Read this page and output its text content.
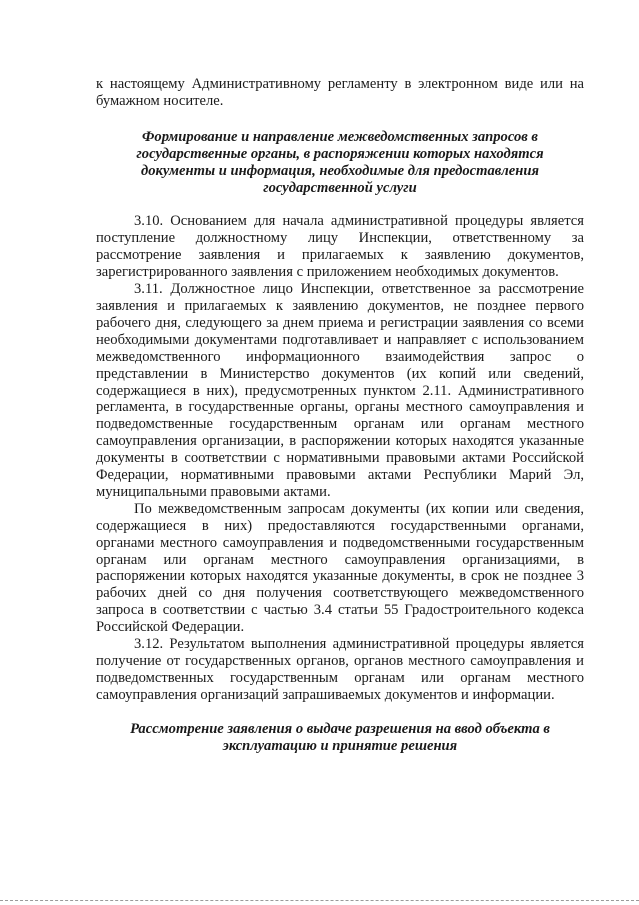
к настоящему Административному регламенту в электронном виде или на бумажном носителе.

Формирование и направление межведомственных запросов в государственные органы, в распоряжении которых находятся документы и информация, необходимые для предоставления государственной услуги

3.10. Основанием для начала административной процедуры является поступление должностному лицу Инспекции, ответственному за рассмотрение заявления и прилагаемых к заявлению документов, зарегистрированного заявления с приложением необходимых документов.

3.11. Должностное лицо Инспекции, ответственное за рассмотрение заявления и прилагаемых к заявлению документов, не позднее первого рабочего дня, следующего за днем приема и регистрации заявления со всеми необходимыми документами подготавливает и направляет с использованием межведомственного информационного взаимодействия запрос о представлении в Министерство документов (их копий или сведений, содержащиеся в них), предусмотренных пунктом 2.11. Административного регламента, в государственные органы, органы местного самоуправления и подведомственные государственным органам или органам местного самоуправления организации, в распоряжении которых находятся указанные документы в соответствии с нормативными правовыми актами Российской Федерации, нормативными правовыми актами Республики Марий Эл, муниципальными правовыми актами.

По межведомственным запросам документы (их копии или сведения, содержащиеся в них) предоставляются государственными органами, органами местного самоуправления и подведомственными государственным органам или органам местного самоуправления организациями, в распоряжении которых находятся указанные документы, в срок не позднее 3 рабочих дней со дня получения соответствующего межведомственного запроса в соответствии с частью 3.4 статьи 55 Градостроительного кодекса Российской Федерации.

3.12. Результатом выполнения административной процедуры является получение от государственных органов, органов местного самоуправления и подведомственных государственным органам или органам местного самоуправления организаций запрашиваемых документов и информации.

Рассмотрение заявления о выдаче разрешения на ввод объекта в эксплуатацию и принятие решения
